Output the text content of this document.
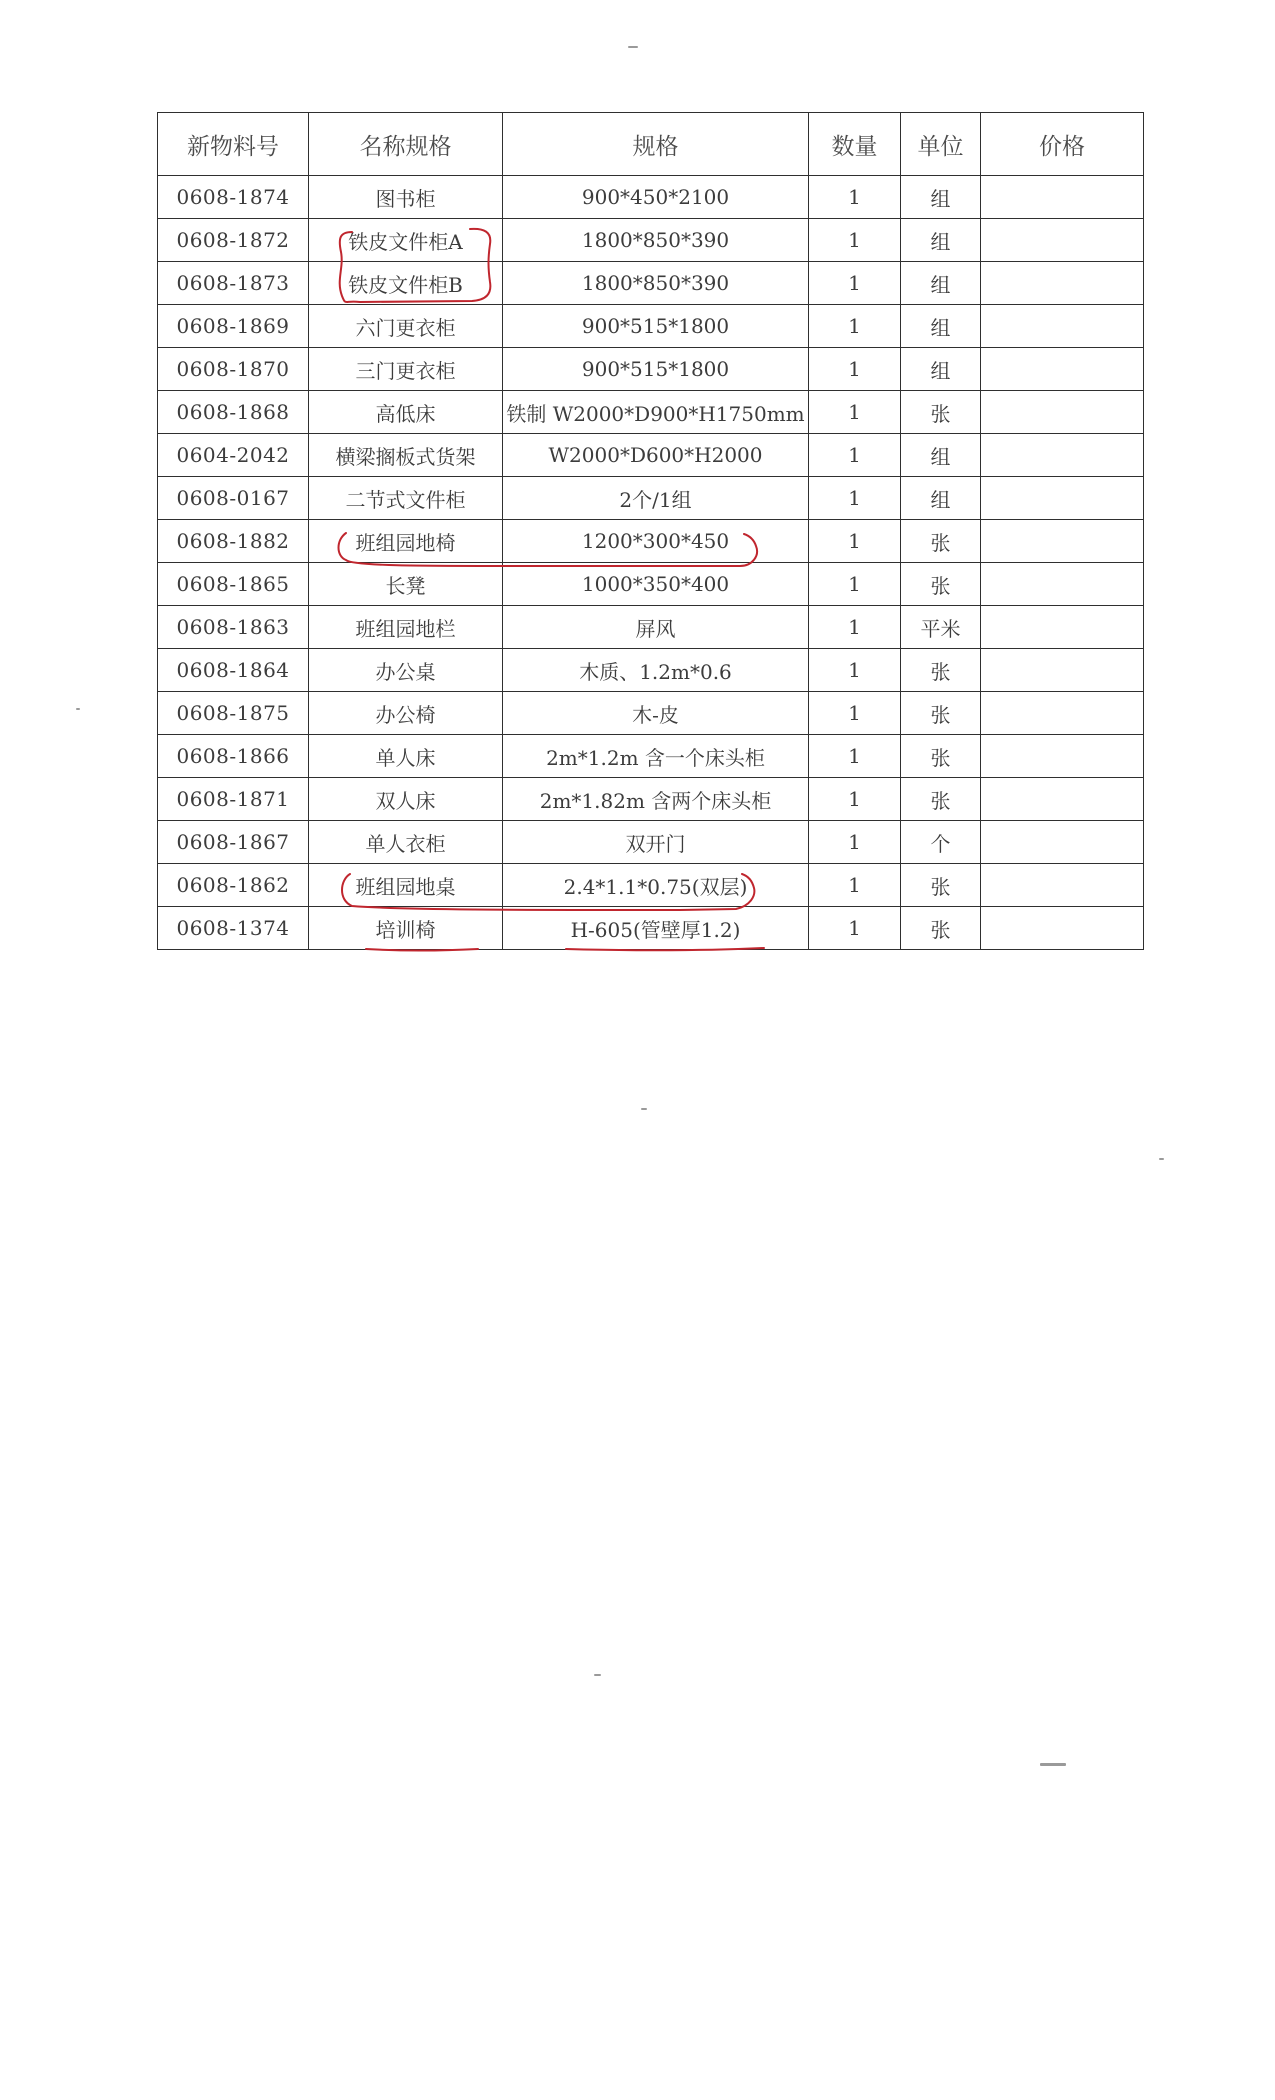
新物料号	名称规格	规格	数量	单位	价格
0608-1874	图书柜	900*450*2100	1	组	
0608-1872	铁皮文件柜A	1800*850*390	1	组	
0608-1873	铁皮文件柜B	1800*850*390	1	组	
0608-1869	六门更衣柜	900*515*1800	1	组	
0608-1870	三门更衣柜	900*515*1800	1	组	
0608-1868	高低床	铁制 W2000*D900*H1750mm	1	张	
0604-2042	横梁搁板式货架	W2000*D600*H2000	1	组	
0608-0167	二节式文件柜	2个/1组	1	组	
0608-1882	班组园地椅	1200*300*450	1	张	
0608-1865	长凳	1000*350*400	1	张	
0608-1863	班组园地栏	屏风	1	平米	
0608-1864	办公桌	木质、1.2m*0.6	1	张	
0608-1875	办公椅	木-皮	1	张	
0608-1866	单人床	2m*1.2m 含一个床头柜	1	张	
0608-1871	双人床	2m*1.82m 含两个床头柜	1	张	
0608-1867	单人衣柜	双开门	1	个	
0608-1862	班组园地桌	2.4*1.1*0.75(双层)	1	张	
0608-1374	培训椅	H-605(管壁厚1.2)	1	张	
